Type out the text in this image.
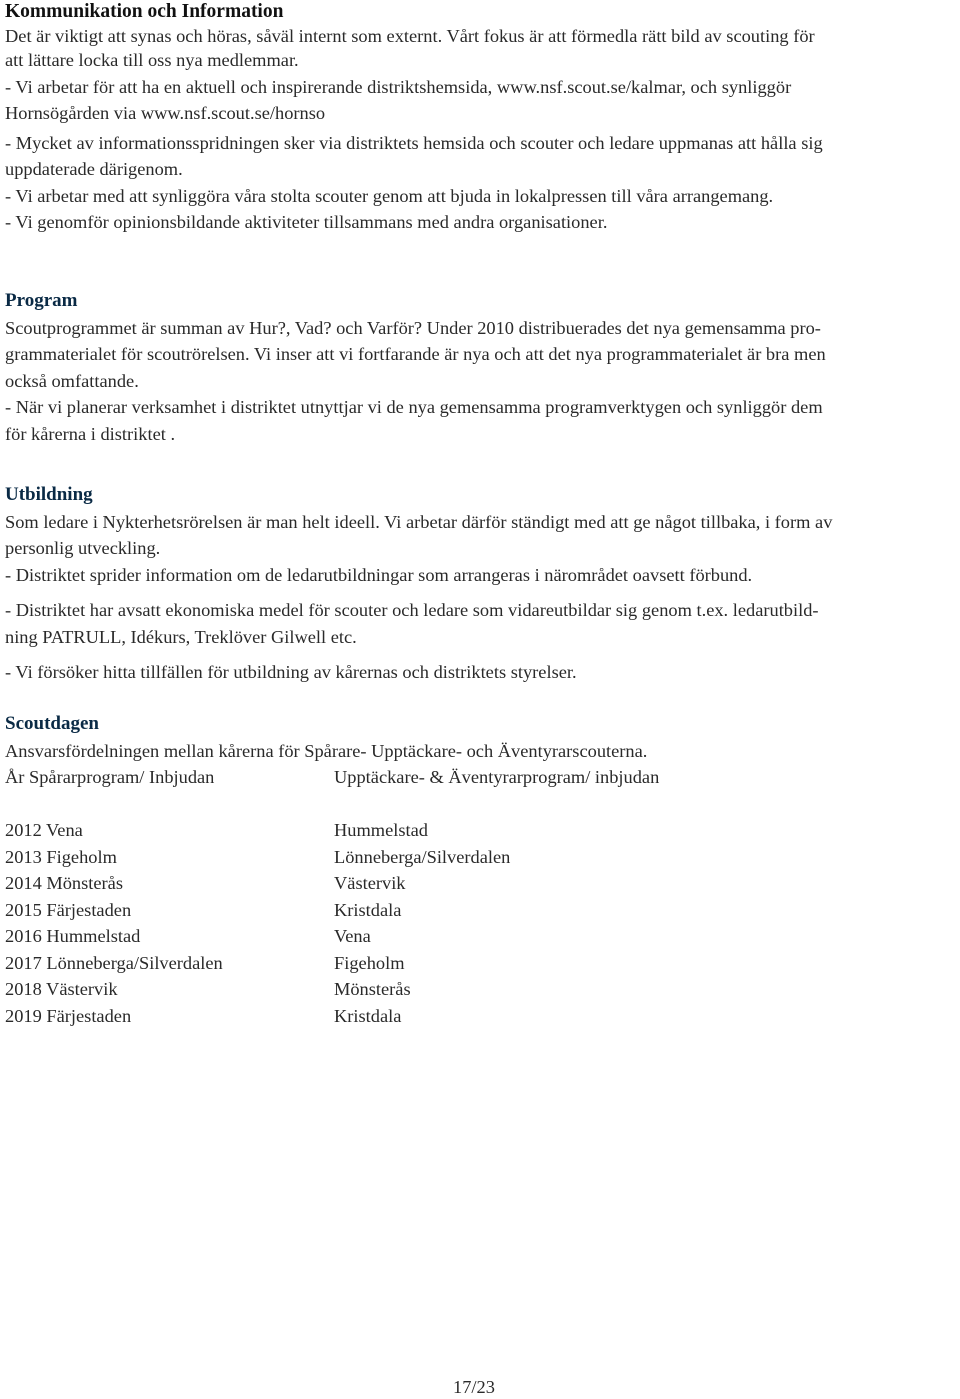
Kommunikation och Information
Det är viktigt att synas och höras, såväl internt som externt. Vårt fokus är att förmedla rätt bild av scouting för
att lättare locka till oss nya medlemmar.
- Vi arbetar för att ha en aktuell och inspirerande distriktshemsida, www.nsf.scout.se/kalmar, och synliggör
Hornsögården via www.nsf.scout.se/hornso
- Mycket av informationsspridningen sker via distriktets hemsida och scouter och ledare uppmanas att hålla sig
uppdaterade därigenom.
- Vi arbetar med att synliggöra våra stolta scouter genom att bjuda in lokalpressen till våra arrangemang.
- Vi genomför opinionsbildande aktiviteter tillsammans med andra organisationer.
Program
Scoutprogrammet är summan av Hur?, Vad? och Varför? Under 2010 distribuerades det nya gemensamma pro-
grammaterialet för scoutrörelsen. Vi inser att vi fortfarande är nya och att det nya programmaterialet är bra men
också omfattande.
- När vi planerar verksamhet i distriktet utnyttjar vi de nya gemensamma programverktygen och synliggör dem
för kårerna i distriktet .
Utbildning
Som ledare i Nykterhetsrörelsen är man helt ideell. Vi arbetar därför ständigt med att ge något tillbaka, i form av
personlig utveckling.
- Distriktet sprider information om de ledarutbildningar som arrangeras i närområdet oavsett förbund.
- Distriktet har avsatt ekonomiska medel för scouter och ledare som vidareutbildar sig genom t.ex. ledarutbild-
ning PATRULL, Idékurs, Treklöver Gilwell etc.
- Vi försöker hitta tillfällen för utbildning av kårernas och distriktets styrelser.
Scoutdagen
Ansvarsfördelningen mellan kårerna för Spårare- Upptäckare- och Äventyrarscouterna.
År Spårarprogram/ Inbjudan	Upptäckare- & Äventyrarprogram/ inbjudan
2012 Vena	Hummelstad
2013 Figeholm	Lönneberga/Silverdalen
2014 Mönsterås	Västervik
2015 Färjestaden	Kristdala
2016 Hummelstad	Vena
2017 Lönneberga/Silverdalen	Figeholm
2018 Västervik	Mönsterås
2019 Färjestaden	Kristdala
17/23
